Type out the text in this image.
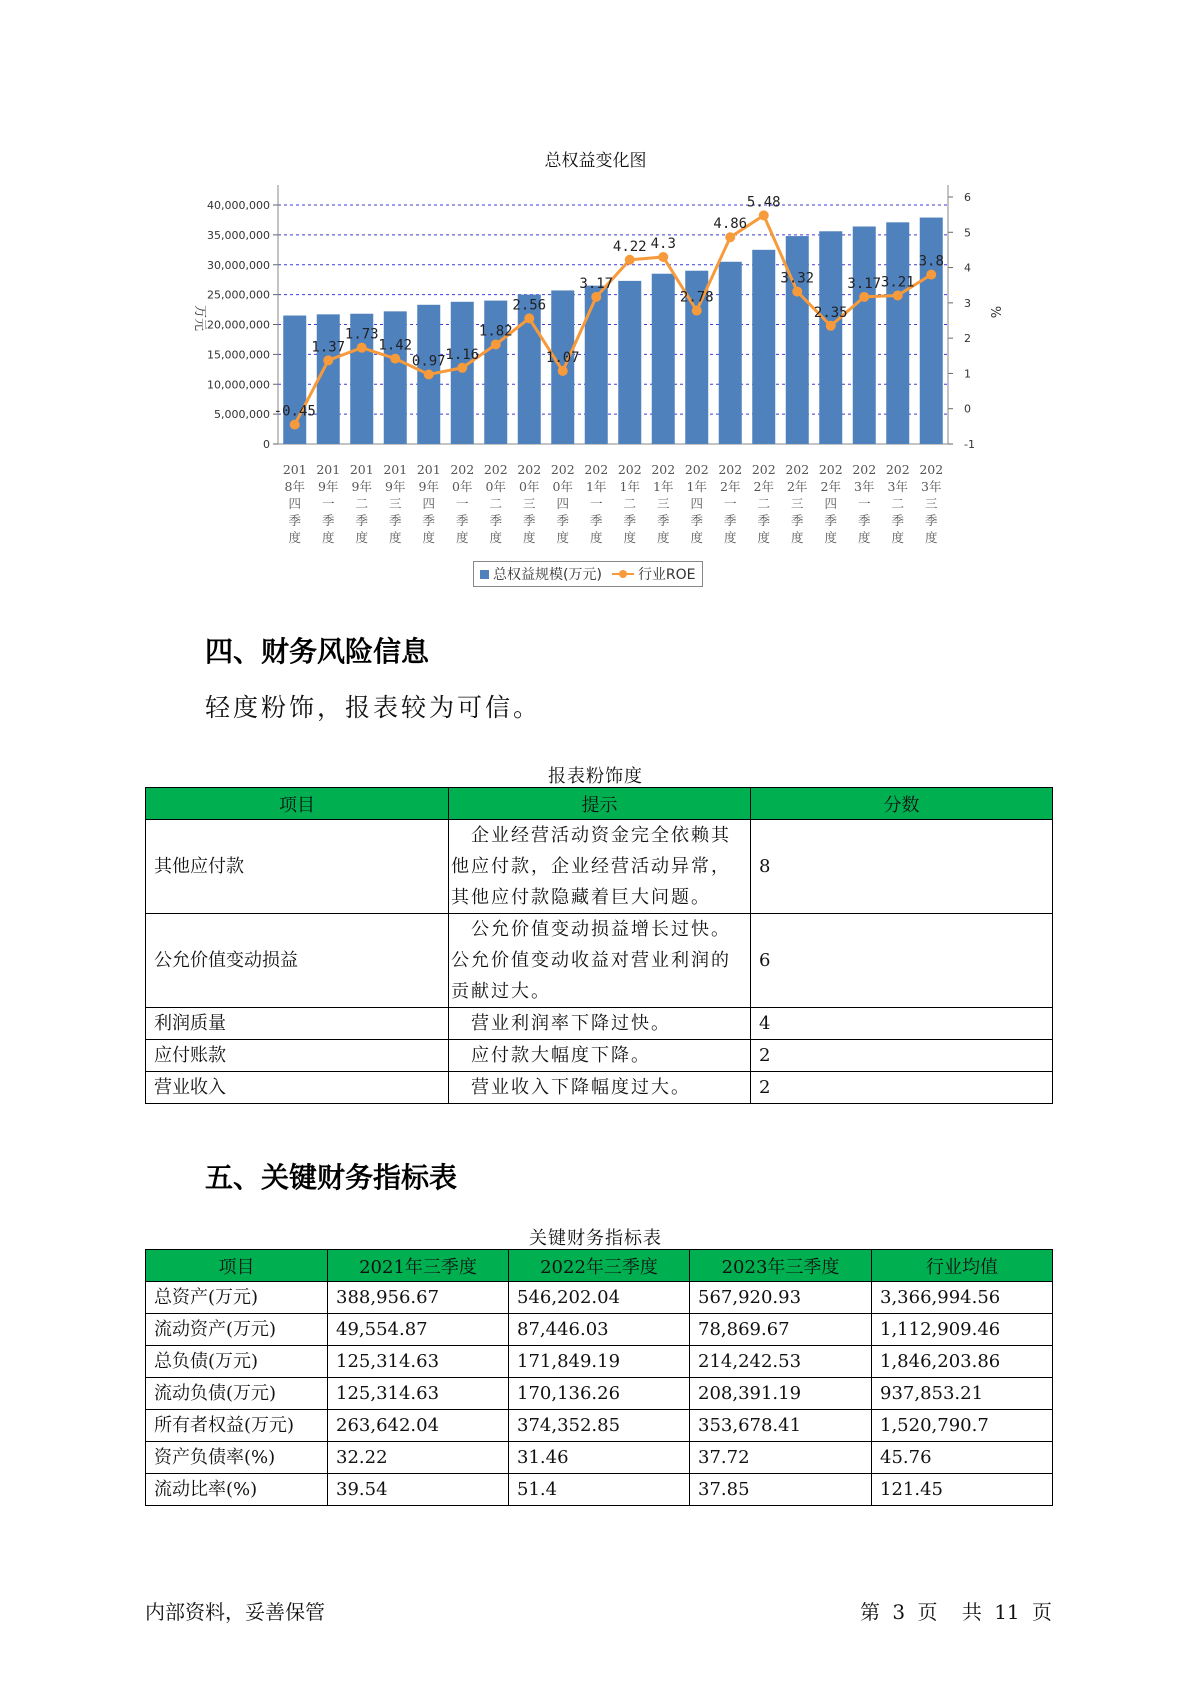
总权益变化图
0
5,000,000
10,000,000
15,000,000
20,000,000
25,000,000
30,000,000
35,000,000
40,000,000
-1
0
1
2
3
4
5
6
万元	%
201 8年四季度
201 9年一季度
201 9年二季度
201 9年三季度
201 9年四季度
202 0年一季度
202 0年二季度
202 0年三季度
202 0年四季度
202 1年一季度
202 1年二季度
202 1年三季度
202 1年四季度
202 2年一季度
202 2年二季度
202 2年三季度
202 2年四季度
202 3年一季度
202 3年二季度
202 3年三季度
-0.45
1.37
1.73
1.42
0.97 1.16
1.82
2.56
1.07
3.17
4.22 4.3
2.78
4.86
5.48
3.32
2.35
3.17 3.21
3.8
总权益规模(万元)	行业ROE
四、财务风险信息
轻度粉饰，报表较为可信。
报表粉饰度
项目	提示	分数
其他应付款	　企业经营活动资金完全依赖其他应付款，企业经营活动异常，其他应付款隐藏着巨大问题。	8
公允价值变动损益	　公允价值变动损益增长过快。公允价值变动收益对营业利润的贡献过大。	6
利润质量	　营业利润率下降过快。	4
应付账款	　应付款大幅度下降。	2
营业收入	　营业收入下降幅度过大。	2
五、关键财务指标表
关键财务指标表
项目	2021年三季度	2022年三季度	2023年三季度	行业均值
总资产(万元)	388,956.67	546,202.04	567,920.93	3,366,994.56
流动资产(万元)	49,554.87	87,446.03	78,869.67	1,112,909.46
总负债(万元)	125,314.63	171,849.19	214,242.53	1,846,203.86
流动负债(万元)	125,314.63	170,136.26	208,391.19	937,853.21
所有者权益(万元)	263,642.04	374,352.85	353,678.41	1,520,790.7
资产负债率(%)	32.22	31.46	37.72	45.76
流动比率(%)	39.54	51.4	37.85	121.45
内部资料，妥善保管	第 3 页 共 11 页
